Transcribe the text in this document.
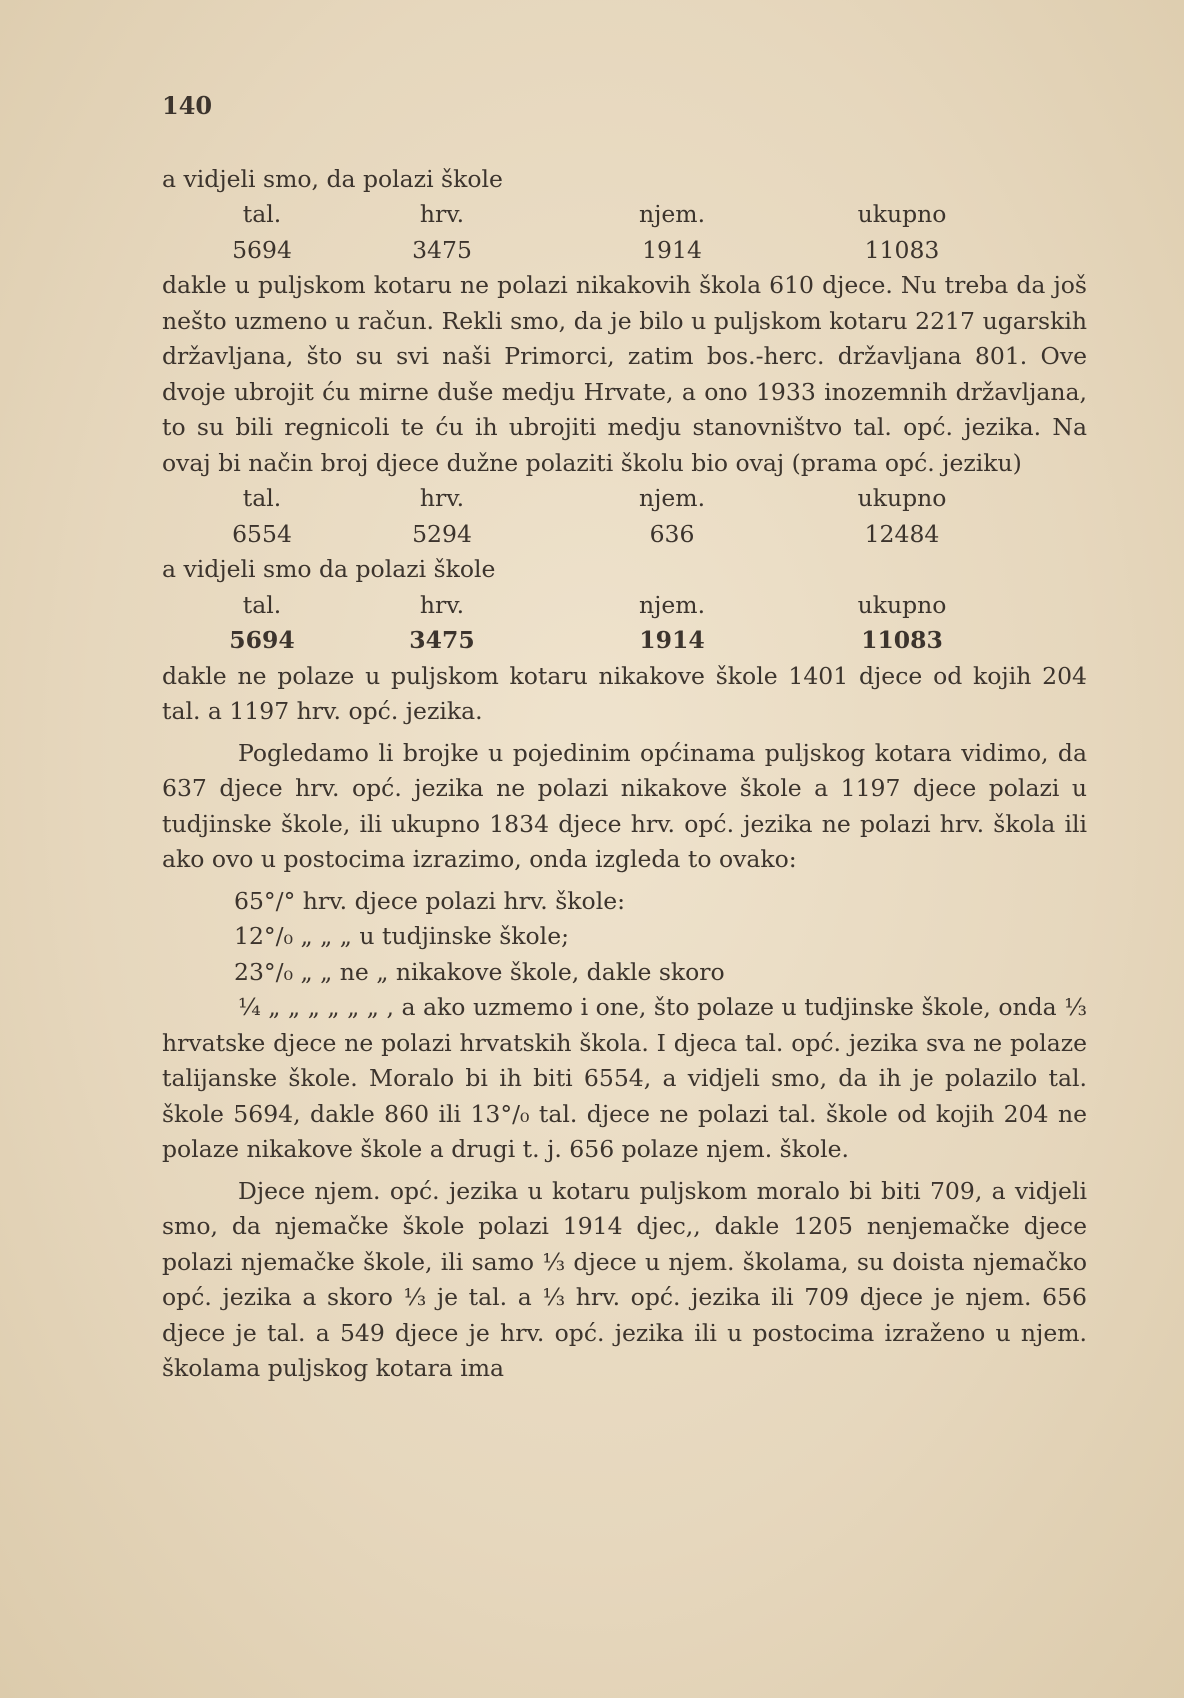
140

a vidjeli smo, da polazi škole

tal.	hrv.	njem.	ukupno
5694	3475	1914	11083

dakle u puljskom kotaru ne polazi nikakovih škola 610 djece. Nu treba da još nešto uzmeno u račun. Rekli smo, da je bilo u puljskom kotaru 2217 ugarskih državljana, što su svi naši Primorci, zatim bos.-herc. državljana 801. Ove dvoje ubrojit ću mirne duše medju Hrvate, a ono 1933 inozemnih državljana, to su bili regnicoli te ću ih ubrojiti medju stanovništvo tal. opć. jezika. Na ovaj bi način broj djece dužne polaziti školu bio ovaj (prama opć. jeziku)

tal.	hrv.	njem.	ukupno
6554	5294	636	12484

a vidjeli smo da polazi škole

tal.	hrv.	njem.	ukupno
5694	3475	1914	11083

dakle ne polaze u puljskom kotaru nikakove škole 1401 djece od kojih 204 tal. a 1197 hrv. opć. jezika.

Pogledamo li brojke u pojedinim općinama puljskog kotara vidimo, da 637 djece hrv. opć. jezika ne polazi nikakove škole a 1197 djece polazi u tudjinske škole, ili ukupno 1834 djece hrv. opć. jezika ne polazi hrv. škola ili ako ovo u postocima izrazimo, onda izgleda to ovako:

65°/° hrv. djece polazi hrv. škole:
12°/₀ „ „ „ u tudjinske škole;
23°/₀ „ „ ne „ nikakove škole, dakle skoro

¼ „ „ „ „ „ „ , a ako uzmemo i one, što polaze u tudjinske škole, onda ⅓ hrvatske djece ne polazi hrvatskih škola. I djeca tal. opć. jezika sva ne polaze talijanske škole. Moralo bi ih biti 6554, a vidjeli smo, da ih je polazilo tal. škole 5694, dakle 860 ili 13°/₀ tal. djece ne polazi tal. škole od kojih 204 ne polaze nikakove škole a drugi t. j. 656 polaze njem. škole.

Djece njem. opć. jezika u kotaru puljskom moralo bi biti 709, a vidjeli smo, da njemačke škole polazi 1914 djec,, dakle 1205 nenjemačke djece polazi njemačke škole, ili samo ⅓ djece u njem. školama, su doista njemačko opć. jezika a skoro ⅓ je tal. a ⅓ hrv. opć. jezika ili 709 djece je njem. 656 djece je tal. a 549 djece je hrv. opć. jezika ili u postocima izraženo u njem. školama puljskog kotara ima
